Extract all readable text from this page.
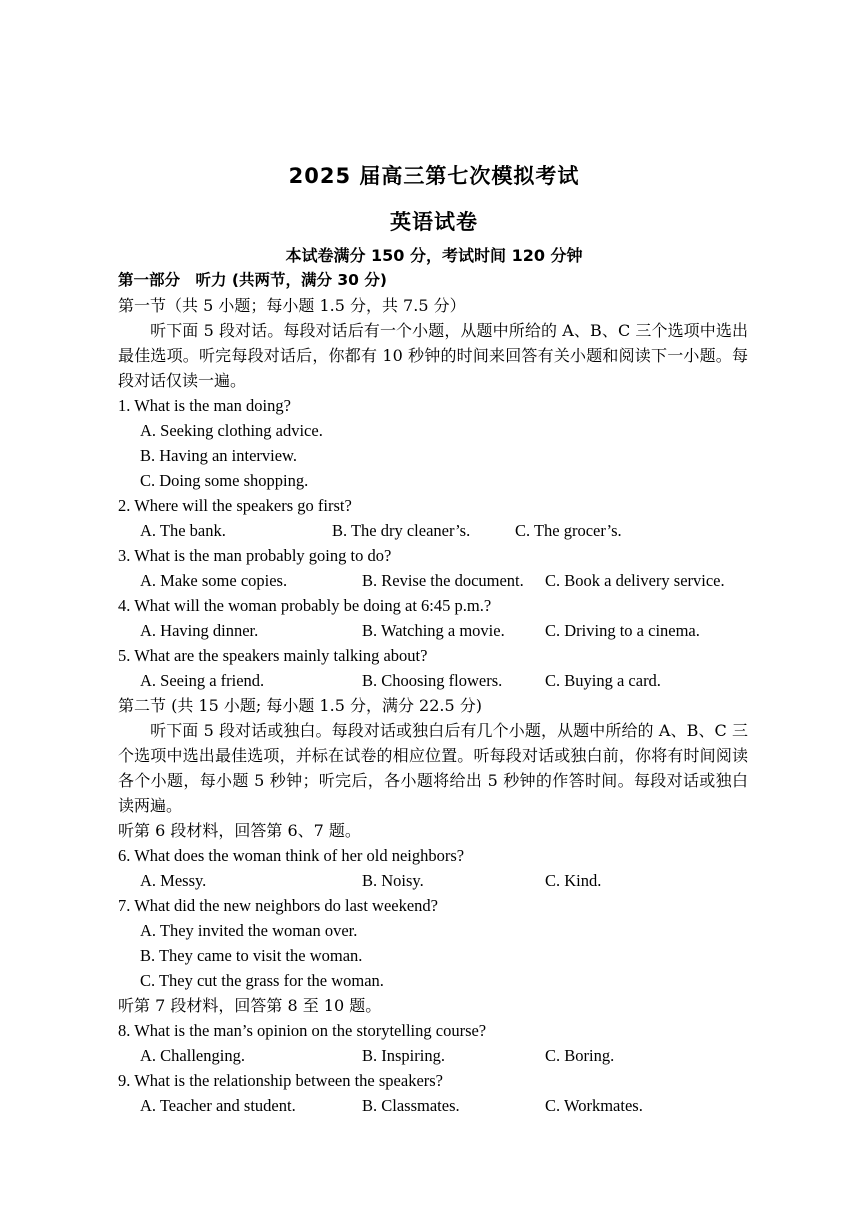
2025 届高三第七次模拟考试
英语试卷
本试卷满分 150 分，考试时间 120 分钟
第一部分　听力 (共两节，满分 30 分)
第一节（共 5 小题；每小题 1.5 分，共 7.5 分）
听下面 5 段对话。每段对话后有一个小题，从题中所给的 A、B、C 三个选项中选出最佳选项。听完每段对话后，你都有 10 秒钟的时间来回答有关小题和阅读下一小题。每段对话仅读一遍。
1. What is the man doing?
A. Seeking clothing advice.
B. Having an interview.
C. Doing some shopping.
2. Where will the speakers go first?
A. The bank.	B. The dry cleaner’s.	C. The grocer’s.
3. What is the man probably going to do?
A. Make some copies.	B. Revise the document. C. Book a delivery service.
4. What will the woman probably be doing at 6:45 p.m.?
A. Having dinner.	B. Watching a movie. C. Driving to a cinema.
5. What are the speakers mainly talking about?
A. Seeing a friend.	B. Choosing flowers.	C. Buying a card.
第二节 (共 15 小题; 每小题 1.5 分，满分 22.5 分)
听下面 5 段对话或独白。每段对话或独白后有几个小题，从题中所给的 A、B、C 三个选项中选出最佳选项，并标在试卷的相应位置。听每段对话或独白前，你将有时间阅读各个小题，每小题 5 秒钟；听完后，各小题将给出 5 秒钟的作答时间。每段对话或独白读两遍。
听第 6 段材料，回答第 6、7 题。
6. What does the woman think of her old neighbors?
A. Messy.	B. Noisy.	C. Kind.
7. What did the new neighbors do last weekend?
A. They invited the woman over.
B. They came to visit the woman.
C. They cut the grass for the woman.
听第 7 段材料，回答第 8 至 10 题。
8. What is the man’s opinion on the storytelling course?
A. Challenging.	B. Inspiring.	C. Boring.
9. What is the relationship between the speakers?
A. Teacher and student.	B. Classmates.	C. Workmates.
